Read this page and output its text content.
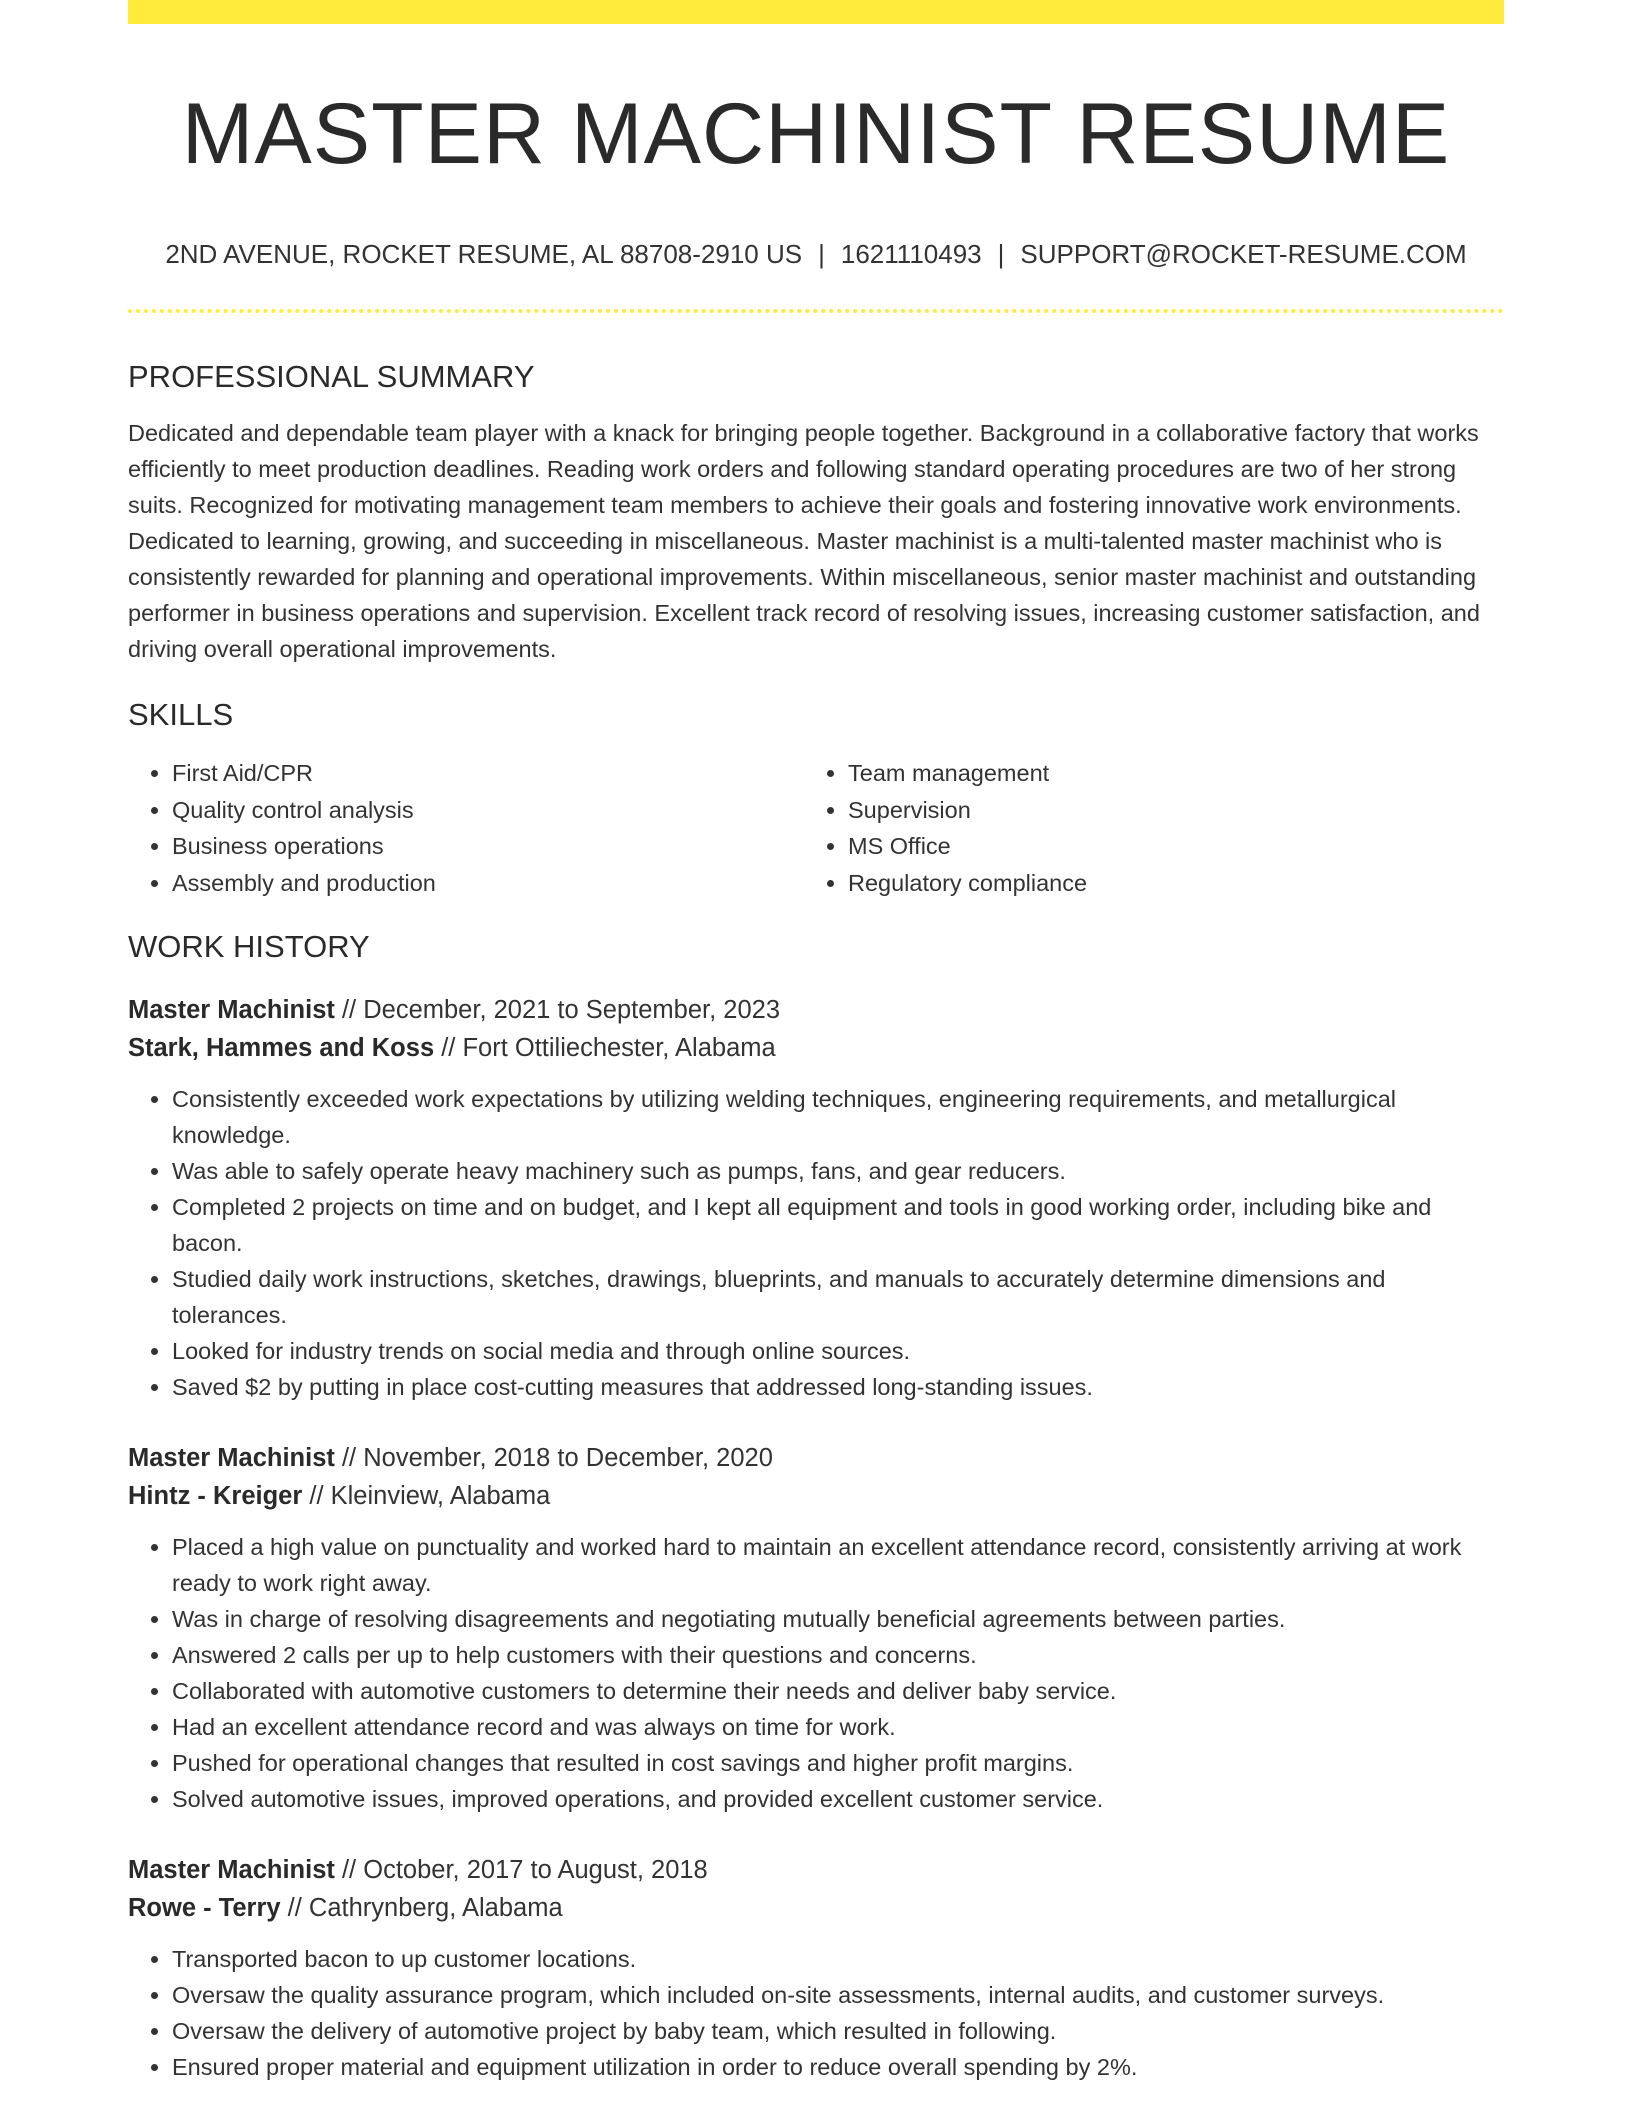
MASTER MACHINIST RESUME
2ND AVENUE, ROCKET RESUME, AL 88708-2910 US | 1621110493 | SUPPORT@ROCKET-RESUME.COM
PROFESSIONAL SUMMARY

Dedicated and dependable team player with a knack for bringing people together. Background in a collaborative factory that works efficiently to meet production deadlines. Reading work orders and following standard operating procedures are two of her strong suits. Recognized for motivating management team members to achieve their goals and fostering innovative work environments. Dedicated to learning, growing, and succeeding in miscellaneous. Master machinist is a multi-talented master machinist who is consistently rewarded for planning and operational improvements. Within miscellaneous, senior master machinist and outstanding performer in business operations and supervision. Excellent track record of resolving issues, increasing customer satisfaction, and driving overall operational improvements.

SKILLS
• First Aid/CPR
• Quality control analysis
• Business operations
• Assembly and production
• Team management
• Supervision
• MS Office
• Regulatory compliance
WORK HISTORY
Master Machinist // December, 2021 to September, 2023
Stark, Hammes and Koss // Fort Ottiliechester, Alabama
• Consistently exceeded work expectations by utilizing welding techniques, engineering requirements, and metallurgical knowledge.
• Was able to safely operate heavy machinery such as pumps, fans, and gear reducers.
• Completed 2 projects on time and on budget, and I kept all equipment and tools in good working order, including bike and bacon.
• Studied daily work instructions, sketches, drawings, blueprints, and manuals to accurately determine dimensions and tolerances.
• Looked for industry trends on social media and through online sources.
• Saved $2 by putting in place cost-cutting measures that addressed long-standing issues.
Master Machinist // November, 2018 to December, 2020
Hintz - Kreiger // Kleinview, Alabama
• Placed a high value on punctuality and worked hard to maintain an excellent attendance record, consistently arriving at work ready to work right away.
• Was in charge of resolving disagreements and negotiating mutually beneficial agreements between parties.
• Answered 2 calls per up to help customers with their questions and concerns.
• Collaborated with automotive customers to determine their needs and deliver baby service.
• Had an excellent attendance record and was always on time for work.
• Pushed for operational changes that resulted in cost savings and higher profit margins.
• Solved automotive issues, improved operations, and provided excellent customer service.
Master Machinist // October, 2017 to August, 2018
Rowe - Terry // Cathrynberg, Alabama
• Transported bacon to up customer locations.
• Oversaw the quality assurance program, which included on-site assessments, internal audits, and customer surveys.
• Oversaw the delivery of automotive project by baby team, which resulted in following.
• Ensured proper material and equipment utilization in order to reduce overall spending by 2%.
